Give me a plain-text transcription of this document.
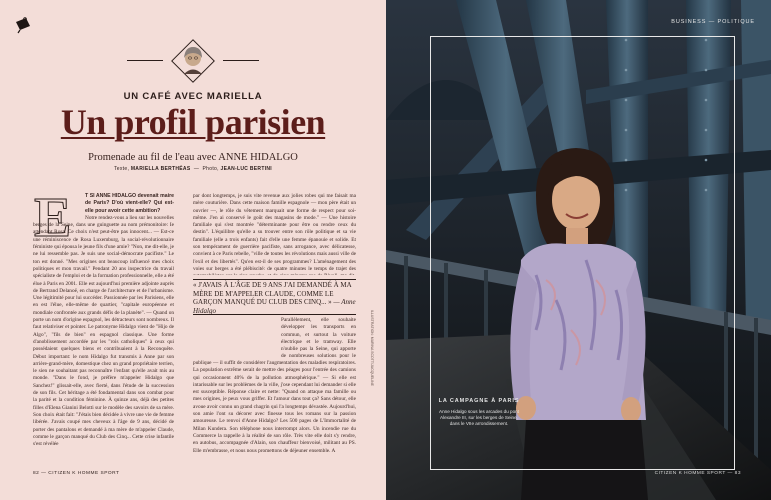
UN CAFÉ AVEC MARIELLA
Un profil parisien
Promenade au fil de l'eau avec ANNE HIDALGO
Texte, MARIELLA BERTHÉAS  —  Photo, JEAN-LUC BERTINI
E	T SI ANNE HIDALGO devenait maire de Paris? D'où vient-elle? Qui est-elle pour avoir cette ambition?
Notre rendez-vous a lieu sur les nouvelles berges de la Seine, dans une guinguette au nom prémonitoire: Ie attendant Rosa. Ce choix n'est peut-être pas innocent... — Est-ce une réminiscence de Rosa Luxemburg, la social-révolutionnaire féministe qui épousa le jeune fils d'une amie? "Non, me dit-elle, je ne lui ressemble pas. Je suis une social-démocrate pacifiste." Le ton est donné. "Mes origines ont beaucoup influencé mes choix politiques et mon travail." Pendant 20 ans inspectrice du travail spécialiste de l'emploi et de la formation professionnelle, elle a été élue à Paris en 2001. Elle est aujourd'hui première adjointe auprès de Bertrand Delanoë, en charge de l'architecture et de l'urbanisme. Une légitimité pour lui succéder. Passionnée par les Parisiens, elle en est l'élue, elle-même de quartier, "capitale européenne et mondiale confrontée aux grands défis de la planète". — Quand on porte un nom d'origine espagnol, les détracteurs sont nombreux. Il faut relativiser et pointer. Le patronyme Hidalgo vient de "Hijo de Algo", "fils de bien" en espagnol classique. Une forme d'anoblissement accordée par les "rois catholiques" à ceux qui possédaient quelques biens et contribuaient à la Reconquête. Début important: le nom Hidalgo fut transmis à Anne par son arrière-grand-mère, domestique chez un grand propriétaire terrien, le sien ne souhaitant pas reconnaître l'enfant qu'elle avait mis au monde. "Dans le fond, je préfère m'appeler Hidalgo que Sanchez!" glissait-elle, avec fierté, dans l'étude de la succession de son fils. Cet héritage a été fondamental dans son combat pour la parité et la condition féminine. À quinze ans, déjà des petites filles d'Elena Gianini Belotti sur le modèle des savoirs de sa mère. Son choix était fait: "J'étais bien décidée à vivre une vie de femme libérée. J'avais coupé mes cheveux à l'âge de 9 ans, décidé de porter des pantalons et demandé à ma mère de m'appeler Claude, comme le garçon manqué du Club des Cinq... Cette crise infantile s'est révélée
par dont longtemps, je suis vite revenue aux jolies robes qui me faisait ma mère couturière. Dans cette maison famille espagnole — mon père était un ouvrier —, le rôle du vêtement marquait une forme de respect pour soi-même. J'en ai conservé le goût des magasins de mode." — Une histoire familiale qui s'est montrée "déterminante pour être ou rendre ceux du destin". L'équilibre qu'elle a su trouver entre son rôle politique et sa vie familiale (elle a trois enfants) fait d'elle une femme épanouie et solide. Et son tempérament de guerrière pacifiste, sans arrogance, avec délicatesse, convient à ce Paris rebelle, "ville de toutes les révolutions mais aussi ville de l'exil et des libertés". Qu'en est-il de ses programmes? L'aménagement des voies sur berges a été plébiscité: de quatre minutes le temps de trajet des
« J'AVAIS À L'ÂGE DE 9 ANS J'AI DEMANDÉ À MA MÈRE DE M'APPELER CLAUDE, COMME LE GARÇON MANQUÉ DU CLUB DES CINQ... » — Anne Hidalgo
Parallèlement, elle souhaite développer les transports en commun, et surtout la voiture électrique et le tramway. Elle n'oublie pas la Seine, qui apporte de nombreuses solutions pour le
publique — il suffit de considérer l'augmentation des maladies respiratoires. La population extrême serait de mettre des péages pour l'entrée des camions qui occasionnent 40% de la pollution atmosphérique." — Si elle est intarissable sur les problèmes de la ville, j'ose cependant lui demander si elle est susceptible. Réponse claire et nette: "Quand on attaque ma famille ou mes origines, je peux vous griffer. Et l'amour dans tout ça? Sans détour, elle avoue avoir connu un grand chagrin qui l'a longtemps dévastée. Aujourd'hui, son amie l'ont su décorer avec finesse tous les romans sur la passion amoureuse. Le renvoi d'Anne Hidalgo? Les 500 pages de L'Immortalité de Milan Kundera. Son téléphone nous interrompt alors. Un incendie rue du Commerce la rappelle à la réalité de son rôle. Très vite elle doit s'y rendre, en autobus, accompagnée d'Alain, son chauffeur bienvoisé, militant au PS. Elle m'embrasse, et nous nous promettons de déjeuner ensemble. A
82 — CITIZEN K HOMME SPORT
ILLUSTRATION: MARINA SCOTT/JACQUELINE
BUSINESS — POLITIQUE
LA CAMPAGNE À PARIS
Anne Hidalgo sous les arcades du pont Alexandre III, sur les berges de Seine, dans le VIIe arrondissement.
CITIZEN K HOMME SPORT — 83
